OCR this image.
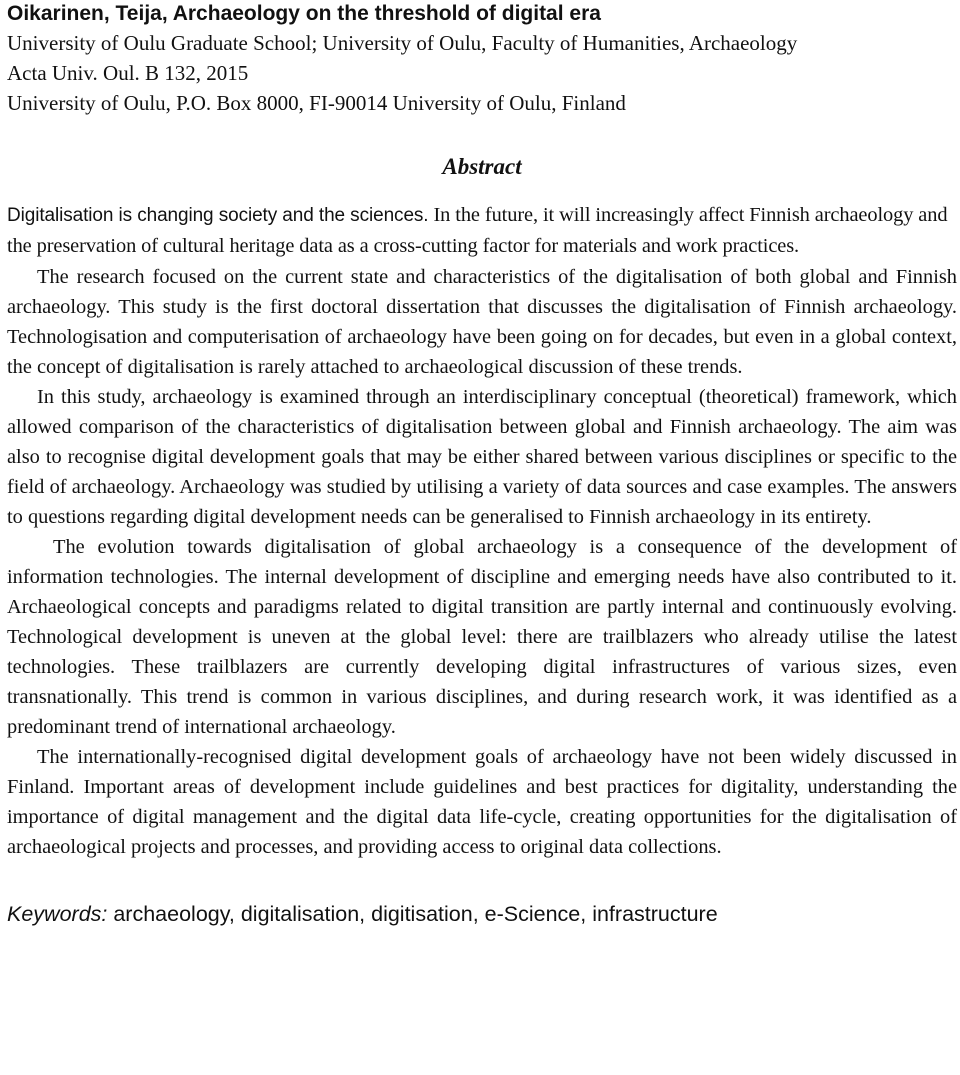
Oikarinen, Teija, Archaeology on the threshold of digital era

University of Oulu Graduate School; University of Oulu, Faculty of Humanities, Archaeology

Acta Univ. Oul. B 132, 2015

University of Oulu, P.O. Box 8000, FI-90014 University of Oulu, Finland

Abstract

Digitalisation is changing society and the sciences. In the future, it will increasingly affect Finnish archaeology and the preservation of cultural heritage data as a cross-cutting factor for materials and work practices.

The research focused on the current state and characteristics of the digitalisation of both global and Finnish archaeology. This study is the first doctoral dissertation that discusses the digitalisation of Finnish archaeology. Technologisation and computerisation of archaeology have been going on for decades, but even in a global context, the concept of digitalisation is rarely attached to archaeological discussion of these trends.

In this study, archaeology is examined through an interdisciplinary conceptual (theoretical) framework, which allowed comparison of the characteristics of digitalisation between global and Finnish archaeology. The aim was also to recognise digital development goals that may be either shared between various disciplines or specific to the field of archaeology. Archaeology was studied by utilising a variety of data sources and case examples. The answers to questions regarding digital development needs can be generalised to Finnish archaeology in its entirety.

The evolution towards digitalisation of global archaeology is a consequence of the development of information technologies. The internal development of discipline and emerging needs have also contributed to it. Archaeological concepts and paradigms related to digital transition are partly internal and continuously evolving. Technological development is uneven at the global level: there are trailblazers who already utilise the latest technologies. These trailblazers are currently developing digital infrastructures of various sizes, even transnationally. This trend is common in various disciplines, and during research work, it was identified as a predominant trend of international archaeology.

The internationally-recognised digital development goals of archaeology have not been widely discussed in Finland. Important areas of development include guidelines and best practices for digitality, understanding the importance of digital management and the digital data life-cycle, creating opportunities for the digitalisation of archaeological projects and processes, and providing access to original data collections.

Keywords: archaeology, digitalisation, digitisation, e-Science, infrastructure
